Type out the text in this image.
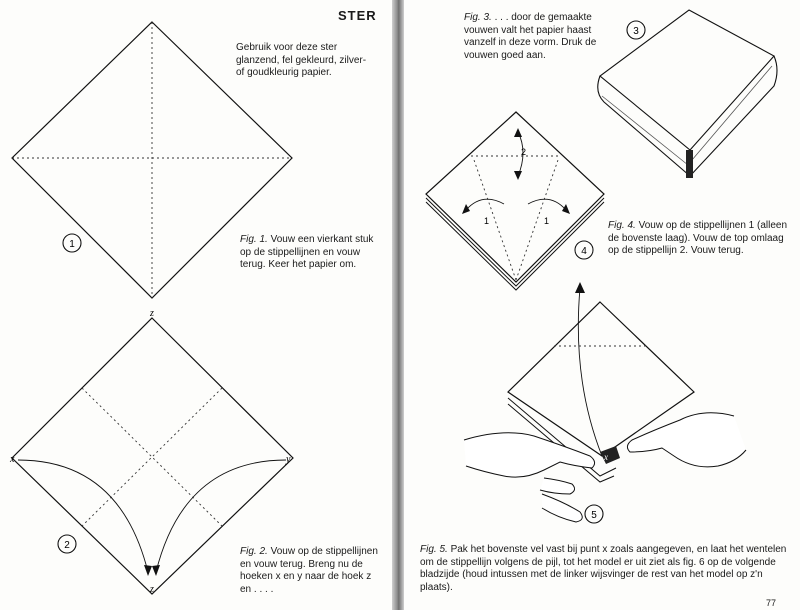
STER

Gebruik voor deze ster glanzend, fel gekleurd, zilver- of goudkleurig papier.

1	Fig. 1. Vouw een vierkant stuk op de stippellijnen en vouw terug. Keer het papier om.

x	y
z
z
2

Fig. 2. Vouw op de stippellijnen en vouw terug. Breng nu de hoeken x en y naar de hoek z en . . . .

Fig. 3. . . . door de gemaakte vouwen valt het papier haast vanzelf in deze vorm. Druk de vouwen goed aan.

3
1	1
2
4

Fig. 4. Vouw op de stippellijnen 1 (alleen de bovenste laag). Vouw de top omlaag op de stippellijn 2. Vouw terug.

x
5

Fig. 5. Pak het bovenste vel vast bij punt x zoals aangegeven, en laat het wentelen om de stippellijn volgens de pijl, tot het model er uit ziet als fig. 6 op de volgende bladzijde (houd intussen met de linker wijsvinger de rest van het model op z'n plaats).

77
